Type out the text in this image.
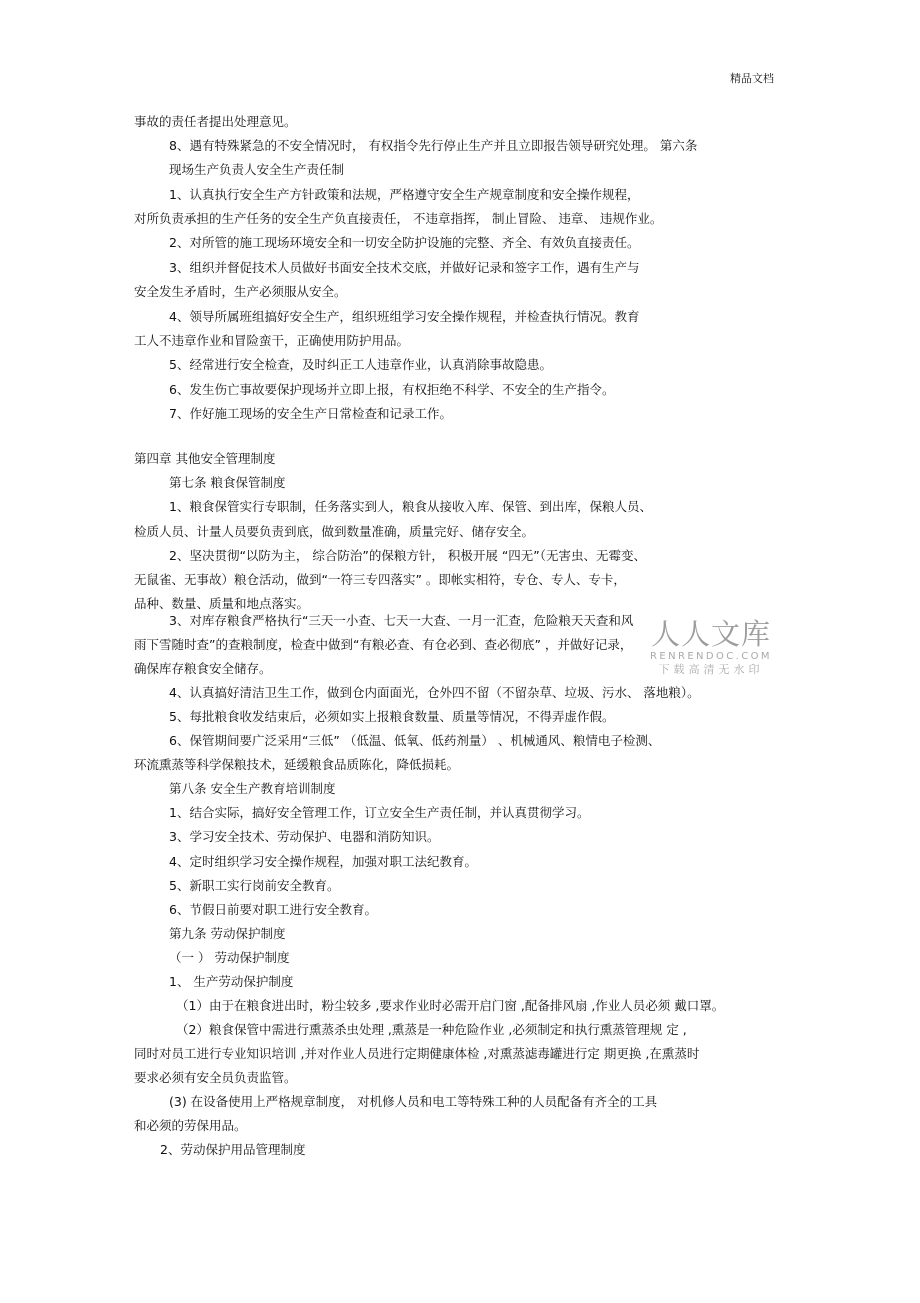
精品文档
事故的责任者提出处理意见。
8、遇有特殊紧急的不安全情况时， 有权指令先行停止生产并且立即报告领导研究处理。 第六条
现场生产负责人安全生产责任制
1、认真执行安全生产方针政策和法规，严格遵守安全生产规章制度和安全操作规程，
对所负责承担的生产任务的安全生产负直接责任， 不违章指挥， 制止冒险、 违章、 违规作业。
2、对所管的施工现场环境安全和一切安全防护设施的完整、齐全、有效负直接责任。
3、组织并督促技术人员做好书面安全技术交底，并做好记录和签字工作，遇有生产与
安全发生矛盾时，生产必须服从安全。
4、领导所属班组搞好安全生产，组织班组学习安全操作规程，并检查执行情况。教育
工人不违章作业和冒险蛮干，正确使用防护用品。
5、经常进行安全检查，及时纠正工人违章作业，认真消除事故隐患。
6、发生伤亡事故要保护现场并立即上报，有权拒绝不科学、不安全的生产指令。
7、作好施工现场的安全生产日常检查和记录工作。
第四章 其他安全管理制度
第七条 粮食保管制度
1、粮食保管实行专职制，任务落实到人，粮食从接收入库、保管、到出库，保粮人员、
检质人员、计量人员要负责到底，做到数量准确，质量完好、储存安全。
2、坚决贯彻“以防为主， 综合防治”的保粮方针， 积极开展 “四无”（无害虫、无霉变、
无鼠雀、无事故）粮仓活动，做到“一符三专四落实” 。即帐实相符，专仓、专人、专卡，
品种、数量、质量和地点落实。
3、对库存粮食严格执行“三天一小查、七天一大查、一月一汇查，危险粮天天查和风
雨下雪随时查”的查粮制度，检查中做到“有粮必查、有仓必到、查必彻底” ，并做好记录，
确保库存粮食安全储存。
4、认真搞好清洁卫生工作，做到仓内面面光，仓外四不留（不留杂草、垃圾、污水、 落地粮）。
5、每批粮食收发结束后，必须如实上报粮食数量、质量等情况，不得弄虚作假。
6、保管期间要广泛采用“三低” （低温、低氧、低药剂量） 、机械通风、粮情电子检测、
环流熏蒸等科学保粮技术，延缓粮食品质陈化，降低损耗。
第八条 安全生产教育培训制度
1、结合实际，搞好安全管理工作，订立安全生产责任制，并认真贯彻学习。
3、学习安全技术、劳动保护、电器和消防知识。
4、定时组织学习安全操作规程，加强对职工法纪教育。
5、新职工实行岗前安全教育。
6、节假日前要对职工进行安全教育。
第九条 劳动保护制度
（一 ） 劳动保护制度
1、 生产劳动保护制度
（1）由于在粮食进出时，粉尘较多 ,要求作业时必需开启门窗 ,配备排风扇 ,作业人员必须 戴口罩。
（2）粮食保管中需进行熏蒸杀虫处理 ,熏蒸是一种危险作业 ,必须制定和执行熏蒸管理规 定 ,
同时对员工进行专业知识培训 ,并对作业人员进行定期健康体检 ,对熏蒸滤毒罐进行定 期更换 ,在熏蒸时
要求必须有安全员负责监管。
(3) 在设备使用上严格规章制度， 对机修人员和电工等特殊工种的人员配备有齐全的工具
和必须的劳保用品。
2、劳动保护用品管理制度
人人文库
RENRENDOC.COM
下载高清无水印
